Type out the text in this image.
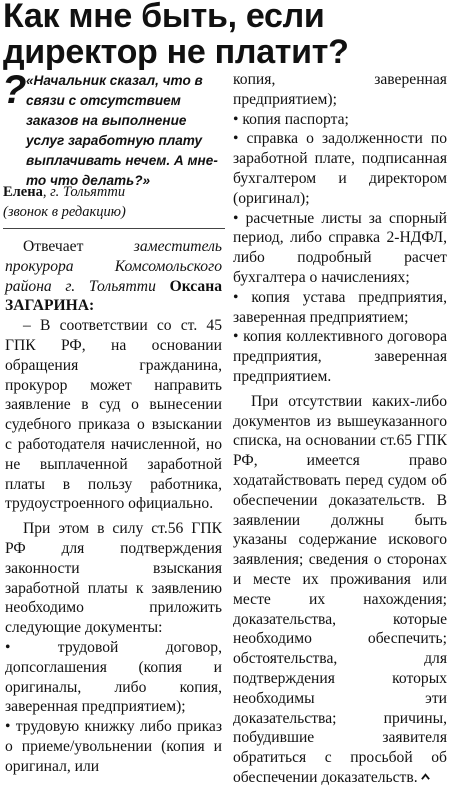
Как мне быть, если директор не платит?
? «Начальник сказал, что в связи с отсутствием заказов на выполнение услуг заработную плату выплачивать нечем. А мне-то что делать?»

Елена, г. Тольятти
(звонок в редакцию)

Отвечает	заместитель прокурора Комсомольского района г. Тольятти Оксана ЗАГАРИНА:

– В соответствии со ст. 45 ГПК РФ, на основании обращения гражданина, прокурор может направить заявление в суд о вынесении судебного приказа о взыскании с работодателя начисленной, но не выплаченной заработной платы в пользу работника, трудоустроенного официально.

При этом в силу ст.56 ГПК РФ для подтверждения законности взыскания заработной платы к заявлению необходимо приложить следующие документы:

• трудовой договор, допсоглашения (копия и оригиналы, либо копия, заверенная предприятием);

• трудовую книжку либо приказ о приеме/увольнении (копия и оригинал, или

копия, заверенная предприятием);

• копия паспорта;

• справка о задолженности по заработной плате, подписанная бухгалтером и директором (оригинал);

• расчетные листы за спорный период, либо справка 2-НДФЛ, либо подробный расчет бухгалтера о начислениях;

• копия устава предприятия, заверенная предприятием;

• копия коллективного договора предприятия, заверенная предприятием.

При отсутствии каких-либо документов из вышеуказанного списка, на основании ст.65 ГПК РФ, имеется право ходатайствовать перед судом об обеспечении доказательств. В заявлении должны быть указаны содержание искового заявления; сведения о сторонах и месте их проживания или месте их нахождения; доказательства, которые необходимо обеспечить; обстоятельства, для подтверждения которых необходимы эти доказательства; причины, побудившие заявителя обратиться с просьбой об обеспечении доказательств.
